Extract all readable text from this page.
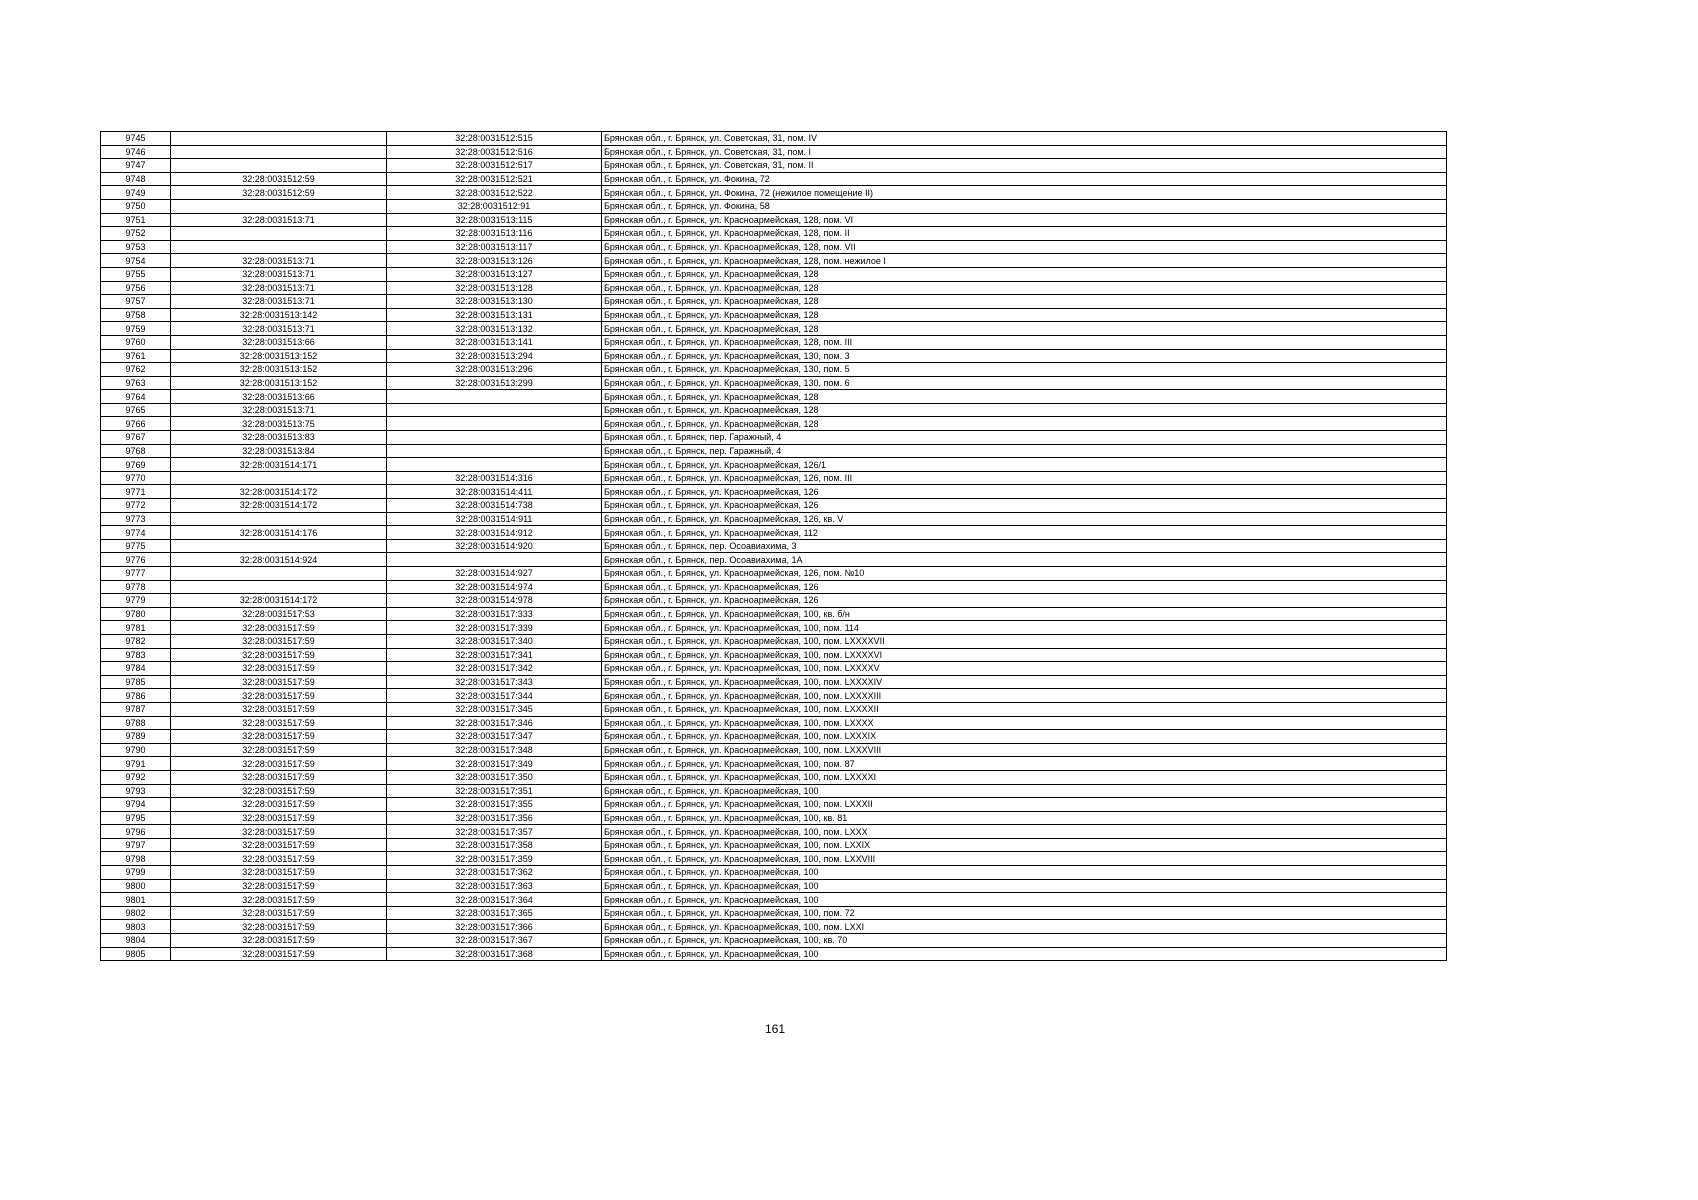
9745		32:28:0031512:515	Брянская обл., г. Брянск, ул. Советская, 31, пом. IV
9746		32:28:0031512:516	Брянская обл., г. Брянск, ул. Советская, 31, пом. I
9747		32:28:0031512:517	Брянская обл., г. Брянск, ул. Советская, 31, пом. II
9748	32:28:0031512:59	32:28:0031512:521	Брянская обл., г. Брянск, ул. Фокина, 72
9749	32:28:0031512:59	32:28:0031512:522	Брянская обл., г. Брянск, ул. Фокина, 72 (нежилое помещение II)
9750		32:28:0031512:91	Брянская обл., г. Брянск, ул. Фокина, 58
9751	32:28:0031513:71	32:28:0031513:115	Брянская обл., г. Брянск, ул. Красноармейская, 128, пом. VI
9752		32:28:0031513:116	Брянская обл., г. Брянск, ул. Красноармейская, 128, пом. II
9753		32:28:0031513:117	Брянская обл., г. Брянск, ул. Красноармейская, 128, пом. VII
9754	32:28:0031513:71	32:28:0031513:126	Брянская обл., г. Брянск, ул. Красноармейская, 128, пом. нежилое I
9755	32:28:0031513:71	32:28:0031513:127	Брянская обл., г. Брянск, ул. Красноармейская, 128
9756	32:28:0031513:71	32:28:0031513:128	Брянская обл., г. Брянск, ул. Красноармейская, 128
9757	32:28:0031513:71	32:28:0031513:130	Брянская обл., г. Брянск, ул. Красноармейская, 128
9758	32:28:0031513:142	32:28:0031513:131	Брянская обл., г. Брянск, ул. Красноармейская, 128
9759	32:28:0031513:71	32:28:0031513:132	Брянская обл., г. Брянск, ул. Красноармейская, 128
9760	32:28:0031513:66	32:28:0031513:141	Брянская обл., г. Брянск, ул. Красноармейская, 128, пом. III
9761	32:28:0031513:152	32:28:0031513:294	Брянская обл., г. Брянск, ул. Красноармейская, 130, пом. 3
9762	32:28:0031513:152	32:28:0031513:296	Брянская обл., г. Брянск, ул. Красноармейская, 130, пом. 5
9763	32:28:0031513:152	32:28:0031513:299	Брянская обл., г. Брянск, ул. Красноармейская, 130, пом. 6
9764	32:28:0031513:66		Брянская обл., г. Брянск, ул. Красноармейская, 128
9765	32:28:0031513:71		Брянская обл., г. Брянск, ул. Красноармейская, 128
9766	32:28:0031513:75		Брянская обл., г. Брянск, ул. Красноармейская, 128
9767	32:28:0031513:83		Брянская обл., г. Брянск, пер. Гаражный, 4
9768	32:28:0031513:84		Брянская обл., г. Брянск, пер. Гаражный, 4
9769	32:28:0031514:171		Брянская обл., г. Брянск, ул. Красноармейская, 126/1
9770		32:28:0031514:316	Брянская обл., г. Брянск, ул. Красноармейская, 126, пом. III
9771	32:28:0031514:172	32:28:0031514:411	Брянская обл., г. Брянск, ул. Красноармейская, 126
9772	32:28:0031514:172	32:28:0031514:738	Брянская обл., г. Брянск, ул. Красноармейская, 126
9773		32:28:0031514:911	Брянская обл., г. Брянск, ул. Красноармейская, 126, кв. V
9774	32:28:0031514:176	32:28:0031514:912	Брянская обл., г. Брянск, ул. Красноармейская, 112
9775		32:28:0031514:920	Брянская обл., г. Брянск, пер. Осоавиахима, 3
9776	32:28:0031514:924		Брянская обл., г. Брянск, пер. Осоавиахима, 1А
9777		32:28:0031514:927	Брянская обл., г. Брянск, ул. Красноармейская, 126, пом. №10
9778		32:28:0031514:974	Брянская обл., г. Брянск, ул. Красноармейская, 126
9779	32:28:0031514:172	32:28:0031514:978	Брянская обл., г. Брянск, ул. Красноармейская, 126
9780	32:28:0031517:53	32:28:0031517:333	Брянская обл., г. Брянск, ул. Красноармейская, 100, кв. б/н
9781	32:28:0031517:59	32:28:0031517:339	Брянская обл., г. Брянск, ул. Красноармейская, 100, пом. 114
9782	32:28:0031517:59	32:28:0031517:340	Брянская обл., г. Брянск, ул. Красноармейская, 100, пом. LXXXXVII
9783	32:28:0031517:59	32:28:0031517:341	Брянская обл., г. Брянск, ул. Красноармейская, 100, пом. LXXXXVI
9784	32:28:0031517:59	32:28:0031517:342	Брянская обл., г. Брянск, ул. Красноармейская, 100, пом. LXXXXV
9785	32:28:0031517:59	32:28:0031517:343	Брянская обл., г. Брянск, ул. Красноармейская, 100, пом. LXXXXIV
9786	32:28:0031517:59	32:28:0031517:344	Брянская обл., г. Брянск, ул. Красноармейская, 100, пом. LXXXXIII
9787	32:28:0031517:59	32:28:0031517:345	Брянская обл., г. Брянск, ул. Красноармейская, 100, пом. LXXXXII
9788	32:28:0031517:59	32:28:0031517:346	Брянская обл., г. Брянск, ул. Красноармейская, 100, пом. LXXXX
9789	32:28:0031517:59	32:28:0031517:347	Брянская обл., г. Брянск, ул. Красноармейская, 100, пом. LXXXIX
9790	32:28:0031517:59	32:28:0031517:348	Брянская обл., г. Брянск, ул. Красноармейская, 100, пом. LXXXVIII
9791	32:28:0031517:59	32:28:0031517:349	Брянская обл., г. Брянск, ул. Красноармейская, 100, пом. 87
9792	32:28:0031517:59	32:28:0031517:350	Брянская обл., г. Брянск, ул. Красноармейская, 100, пом. LXXXXI
9793	32:28:0031517:59	32:28:0031517:351	Брянская обл., г. Брянск, ул. Красноармейская, 100
9794	32:28:0031517:59	32:28:0031517:355	Брянская обл., г. Брянск, ул. Красноармейская, 100, пом. LXXXII
9795	32:28:0031517:59	32:28:0031517:356	Брянская обл., г. Брянск, ул. Красноармейская, 100, кв. 81
9796	32:28:0031517:59	32:28:0031517:357	Брянская обл., г. Брянск, ул. Красноармейская, 100, пом. LXXX
9797	32:28:0031517:59	32:28:0031517:358	Брянская обл., г. Брянск, ул. Красноармейская, 100, пом. LXXIX
9798	32:28:0031517:59	32:28:0031517:359	Брянская обл., г. Брянск, ул. Красноармейская, 100, пом. LXXVIII
9799	32:28:0031517:59	32:28:0031517:362	Брянская обл., г. Брянск, ул. Красноармейская, 100
9800	32:28:0031517:59	32:28:0031517:363	Брянская обл., г. Брянск, ул. Красноармейская, 100
9801	32:28:0031517:59	32:28:0031517:364	Брянская обл., г. Брянск, ул. Красноармейская, 100
9802	32:28:0031517:59	32:28:0031517:365	Брянская обл., г. Брянск, ул. Красноармейская, 100, пом. 72
9803	32:28:0031517:59	32:28:0031517:366	Брянская обл., г. Брянск, ул. Красноармейская, 100, пом. LXXI
9804	32:28:0031517:59	32:28:0031517:367	Брянская обл., г. Брянск, ул. Красноармейская, 100, кв. 70
9805	32:28:0031517:59	32:28:0031517:368	Брянская обл., г. Брянск, ул. Красноармейская, 100
161
